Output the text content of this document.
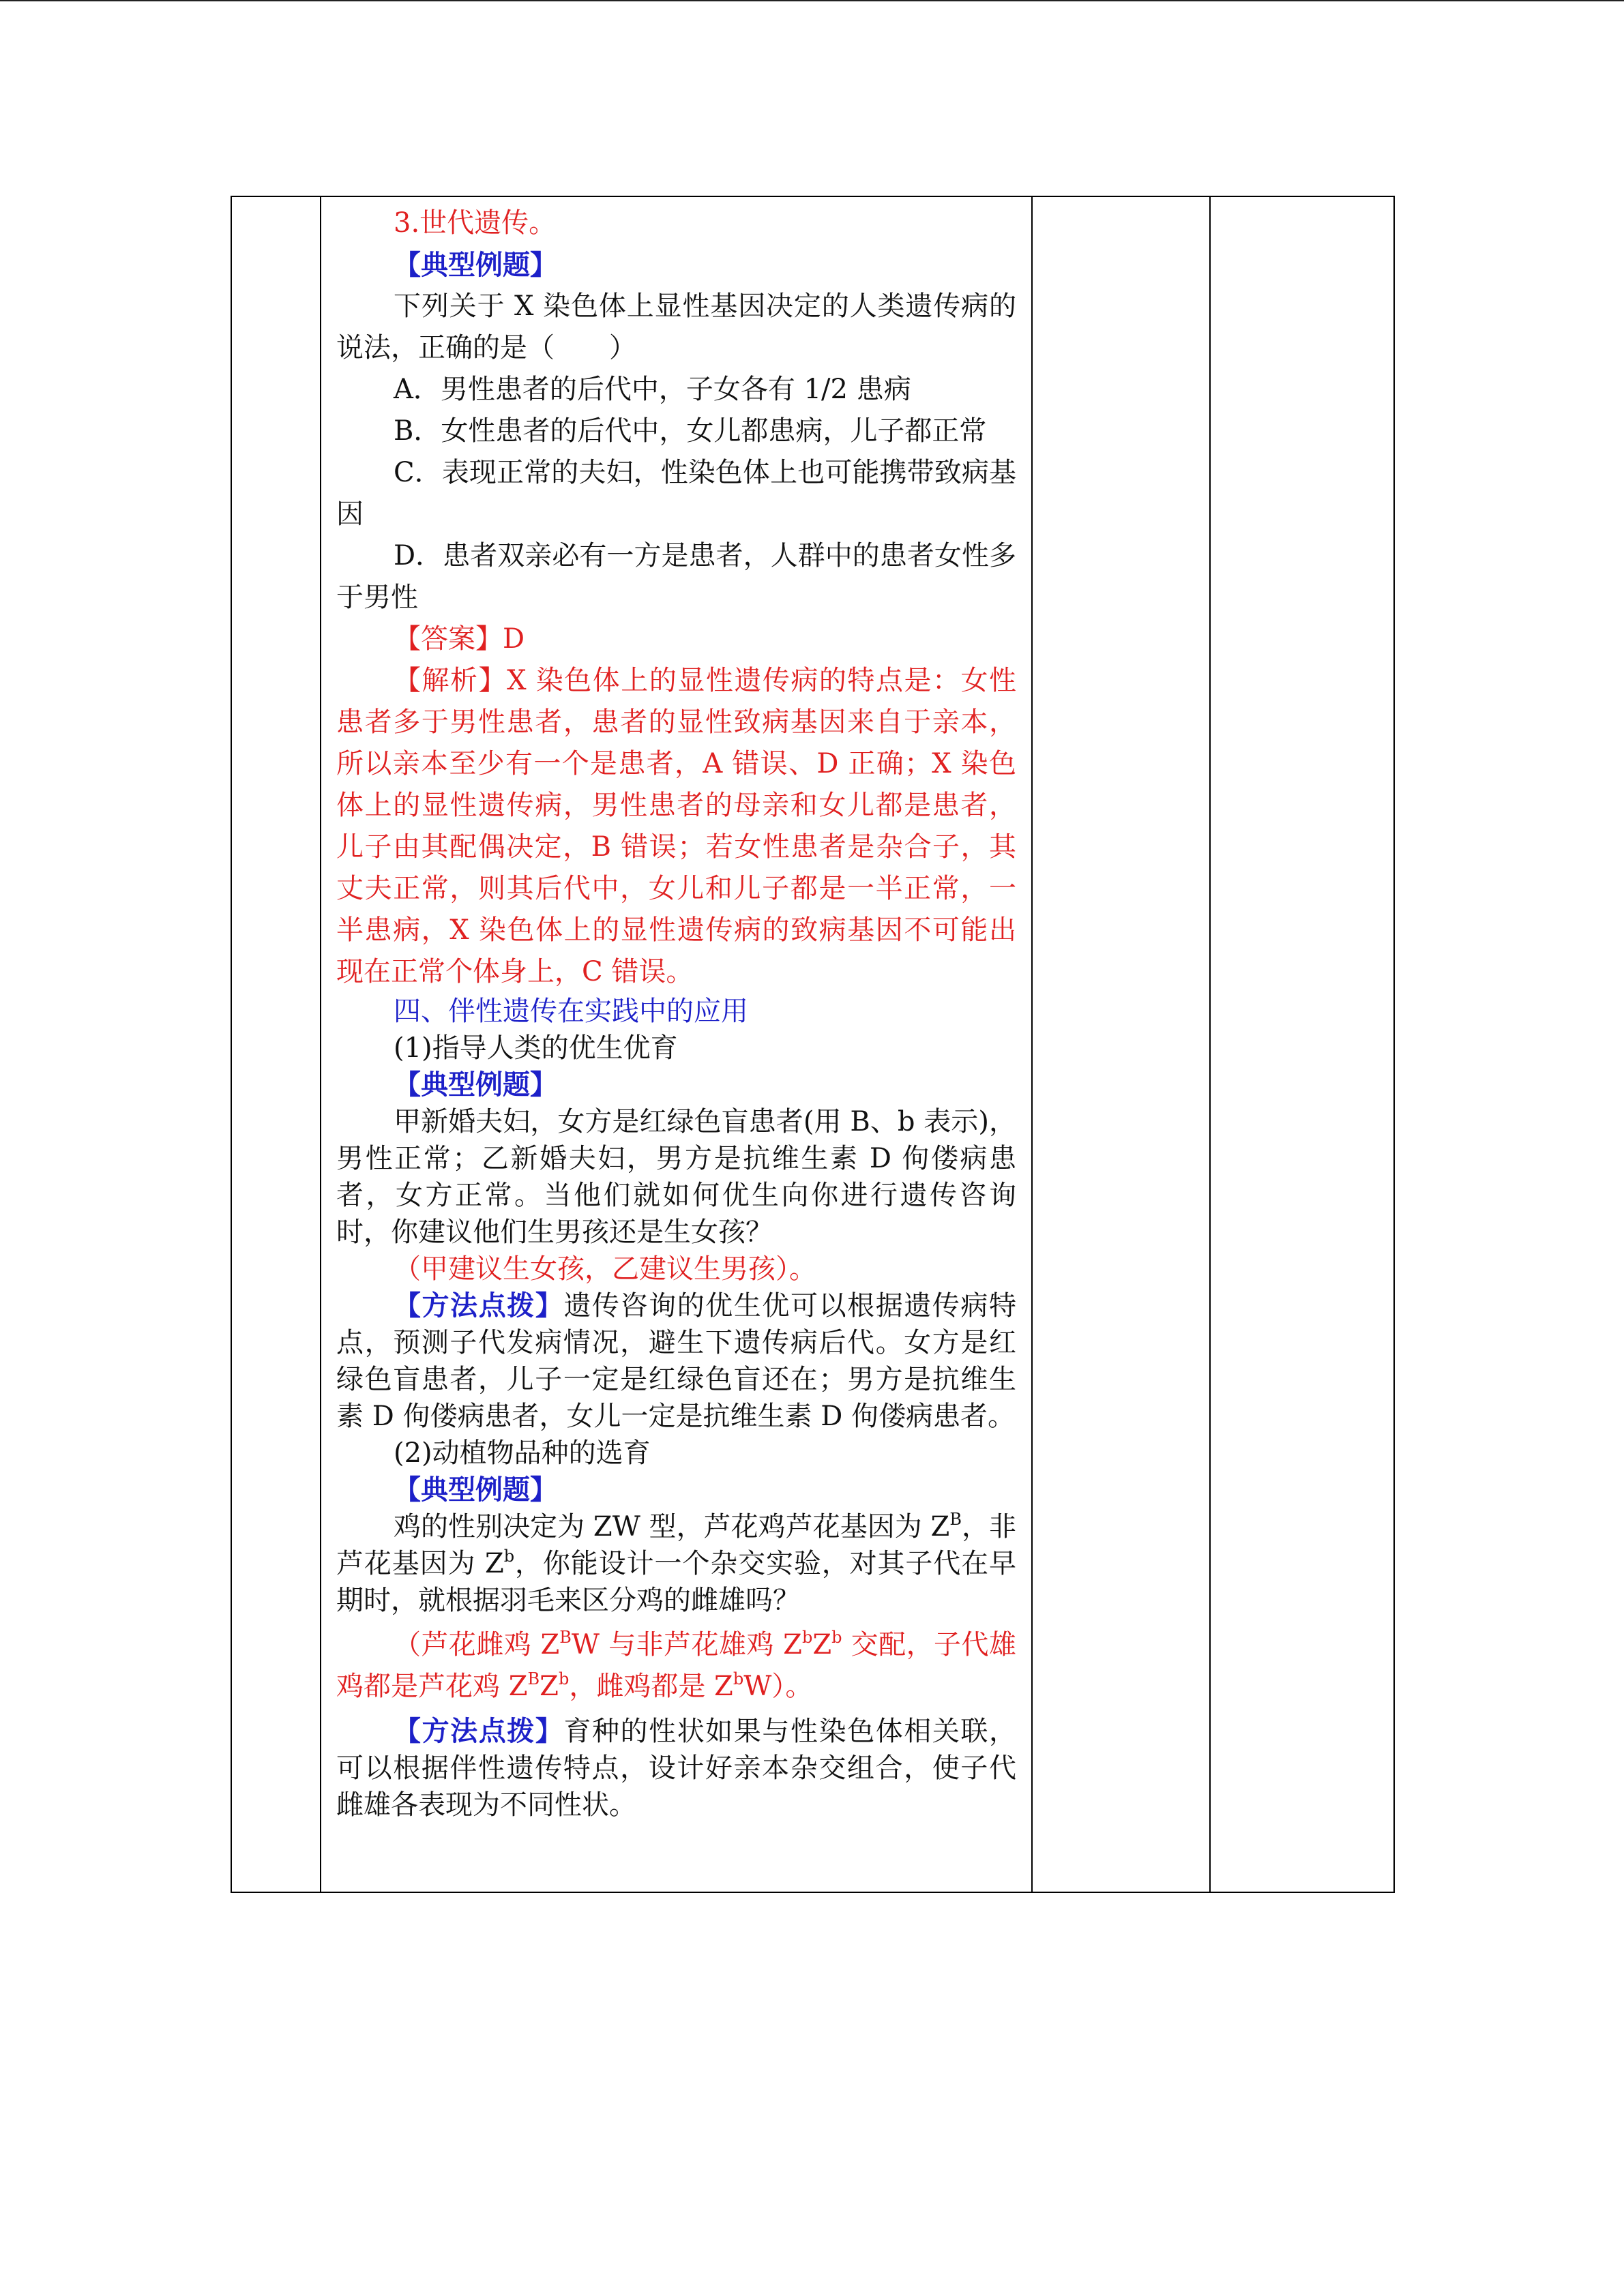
3.世代遗传。

【典型例题】

下列关于 X 染色体上显性基因决定的人类遗传病的说法，正确的是（　　）

A．男性患者的后代中，子女各有 1/2 患病

B．女性患者的后代中，女儿都患病，儿子都正常

C．表现正常的夫妇，性染色体上也可能携带致病基因

D．患者双亲必有一方是患者，人群中的患者女性多于男性

【答案】D

【解析】X 染色体上的显性遗传病的特点是：女性患者多于男性患者，患者的显性致病基因来自于亲本，所以亲本至少有一个是患者，A 错误、D 正确；X 染色体上的显性遗传病，男性患者的母亲和女儿都是患者，儿子由其配偶决定，B 错误；若女性患者是杂合子，其丈夫正常，则其后代中，女儿和儿子都是一半正常，一半患病，X 染色体上的显性遗传病的致病基因不可能出现在正常个体身上，C 错误。

四、伴性遗传在实践中的应用

(1)指导人类的优生优育

【典型例题】

甲新婚夫妇，女方是红绿色盲患者(用 B、b 表示)，男性正常；乙新婚夫妇，男方是抗维生素 D 佝偻病患者，女方正常。当他们就如何优生向你进行遗传咨询时，你建议他们生男孩还是生女孩？

（甲建议生女孩，乙建议生男孩）。

【方法点拨】遗传咨询的优生优可以根据遗传病特点，预测子代发病情况，避生下遗传病后代。女方是红绿色盲患者，儿子一定是红绿色盲还在；男方是抗维生素 D 佝偻病患者，女儿一定是抗维生素 D 佝偻病患者。

(2)动植物品种的选育

【典型例题】

鸡的性别决定为 ZW 型，芦花鸡芦花基因为 $Z^B$，非芦花基因为 $Z^b$，你能设计一个杂交实验，对其子代在早期时，就根据羽毛来区分鸡的雌雄吗？

（芦花雌鸡 $Z^BW$ 与非芦花雄鸡 $Z^bZ^b$ 交配，子代雄鸡都是芦花鸡 $Z^BZ^b$，雌鸡都是 $Z^bW$）。

【方法点拨】育种的性状如果与性染色体相关联，可以根据伴性遗传特点，设计好亲本杂交组合，使子代雌雄各表现为不同性状。
